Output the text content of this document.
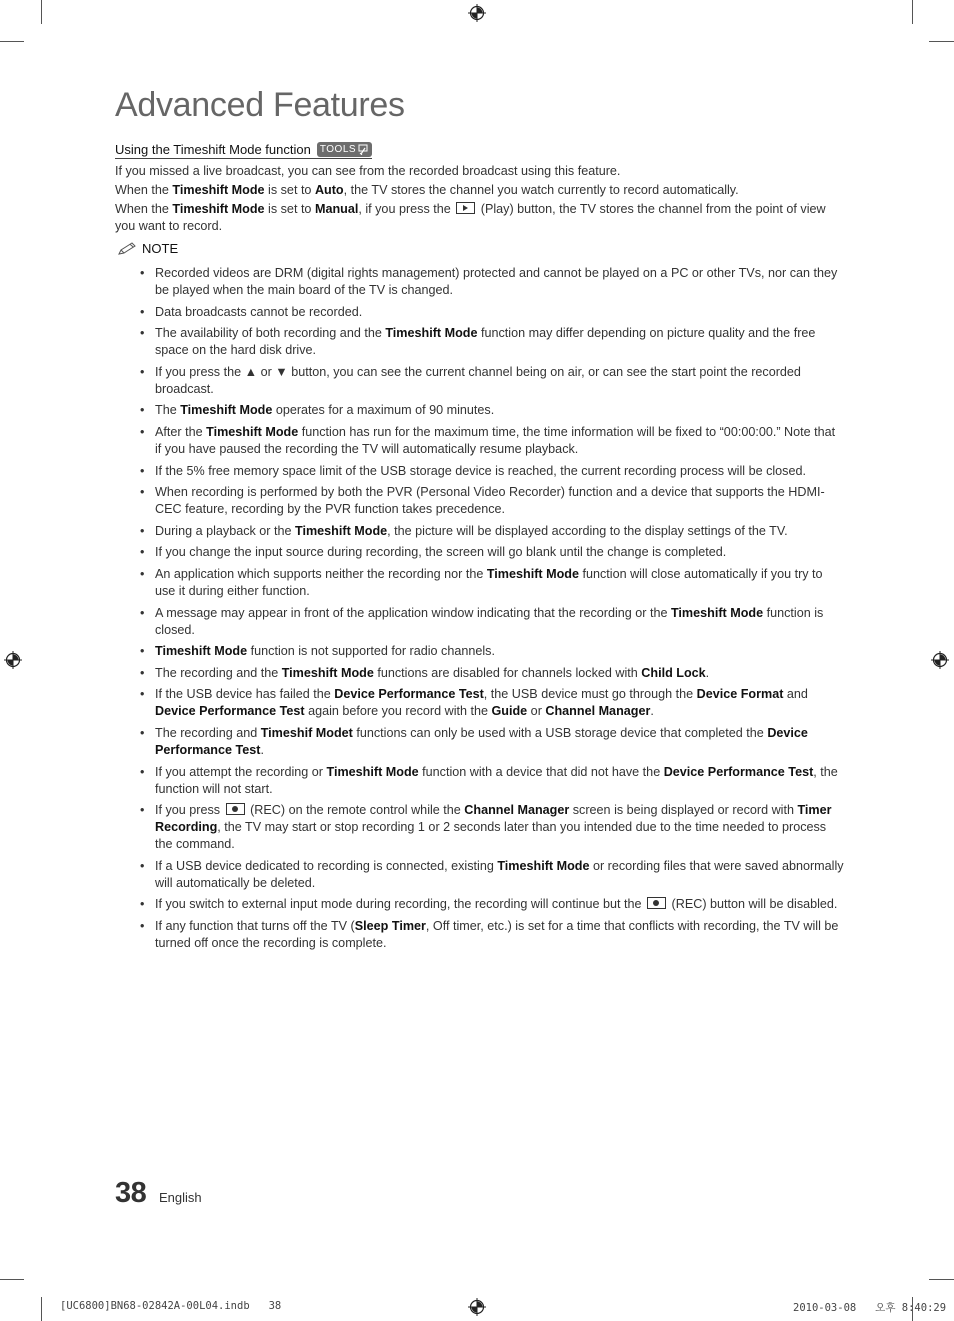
Advanced Features
Using the Timeshift Mode function TOOLS

If you missed a live broadcast, you can see from the recorded broadcast using this feature.

When the Timeshift Mode is set to Auto, the TV stores the channel you watch currently to record automatically.

When the Timeshift Mode is set to Manual, if you press the  (Play) button, the TV stores the channel from the point of view you want to record.

NOTE
• Recorded videos are DRM (digital rights management) protected and cannot be played on a PC or other TVs, nor can they be played when the main board of the TV is changed.
• Data broadcasts cannot be recorded.
• The availability of both recording and the Timeshift Mode function may differ depending on picture quality and the free space on the hard disk drive.
• If you press the ▲ or ▼ button, you can see the current channel being on air, or can see the start point the recorded broadcast.
• The Timeshift Mode operates for a maximum of 90 minutes.
• After the Timeshift Mode function has run for the maximum time, the time information will be fixed to “00:00:00.” Note that if you have paused the recording the TV will automatically resume playback.
• If the 5% free memory space limit of the USB storage device is reached, the current recording process will be closed.
• When recording is performed by both the PVR (Personal Video Recorder) function and a device that supports the HDMI-CEC feature, recording by the PVR function takes precedence.
• During a playback or the Timeshift Mode, the picture will be displayed according to the display settings of the TV.
• If you change the input source during recording, the screen will go blank until the change is completed.
• An application which supports neither the recording nor the Timeshift Mode function will close automatically if you try to use it during either function.
• A message may appear in front of the application window indicating that the recording or the Timeshift Mode function is closed.
• Timeshift Mode function is not supported for radio channels.
• The recording and the Timeshift Mode functions are disabled for channels locked with Child Lock.
• If the USB device has failed the Device Performance Test, the USB device must go through the Device Format and Device Performance Test again before you record with the Guide or Channel Manager.
• The recording and Timeshif Modet functions can only be used with a USB storage device that completed the Device Performance Test.
• If you attempt the recording or Timeshift Mode function with a device that did not have the Device Performance Test, the function will not start.
• If you press  (REC) on the remote control while the Channel Manager screen is being displayed or record with Timer Recording, the TV may start or stop recording 1 or 2 seconds later than you intended due to the time needed to process the command.
• If a USB device dedicated to recording is connected, existing Timeshift Mode or recording files that were saved abnormally will automatically be deleted.
• If you switch to external input mode during recording, the recording will continue but the  (REC) button will be disabled.
• If any function that turns off the TV (Sleep Timer, Off timer, etc.) is set for a time that conflicts with recording, the TV will be turned off once the recording is complete.
38 English
[UC6800]BN68-02842A-00L04.indb   38	2010-03-08   오후 8:40:29
